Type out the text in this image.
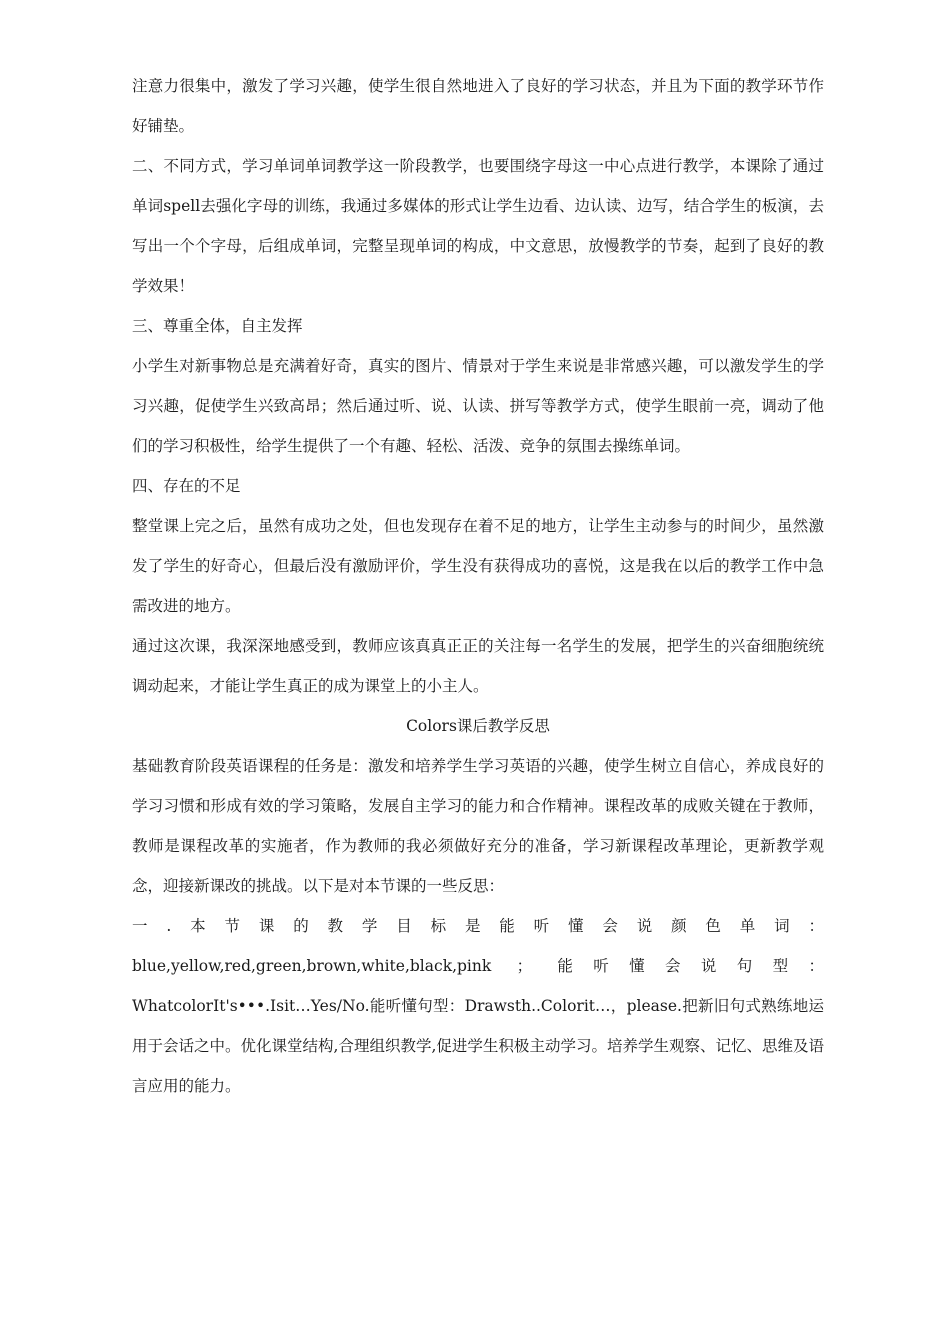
注意力很集中，激发了学习兴趣，使学生很自然地进入了良好的学习状态，并且为下面的教学环节作好铺垫。

二、不同方式，学习单词单词教学这一阶段教学，也要围绕字母这一中心点进行教学，本课除了通过单词spell去强化字母的训练，我通过多媒体的形式让学生边看、边认读、边写，结合学生的板演，去写出一个个字母，后组成单词，完整呈现单词的构成，中文意思，放慢教学的节奏，起到了良好的教学效果！

三、尊重全体，自主发挥

小学生对新事物总是充满着好奇，真实的图片、情景对于学生来说是非常感兴趣，可以激发学生的学习兴趣，促使学生兴致高昂；然后通过听、说、认读、拼写等教学方式，使学生眼前一亮，调动了他们的学习积极性，给学生提供了一个有趣、轻松、活泼、竞争的氛围去操练单词。

四、存在的不足

整堂课上完之后，虽然有成功之处，但也发现存在着不足的地方，让学生主动参与的时间少，虽然激发了学生的好奇心，但最后没有激励评价，学生没有获得成功的喜悦，这是我在以后的教学工作中急需改进的地方。

通过这次课，我深深地感受到，教师应该真真正正的关注每一名学生的发展，把学生的兴奋细胞统统调动起来，才能让学生真正的成为课堂上的小主人。

Colors课后教学反思

基础教育阶段英语课程的任务是：激发和培养学生学习英语的兴趣，使学生树立自信心，养成良好的学习习惯和形成有效的学习策略，发展自主学习的能力和合作精神。课程改革的成败关键在于教师，教师是课程改革的实施者，作为教师的我必须做好充分的准备，学习新课程改革理论，更新教学观念，迎接新课改的挑战。以下是对本节课的一些反思：

一.本节课的教学目标是能听懂会说颜色单词：

blue,yellow,red,green,brown,white,black,pink ； 能听懂会说句型：

WhatcolorIt's•••.Isit…Yes/No.能听懂句型：Drawsth..Colorit…，please.把新旧句式熟练地运用于会话之中。优化课堂结构,合理组织教学,促进学生积极主动学习。培养学生观察、记忆、思维及语言应用的能力。
